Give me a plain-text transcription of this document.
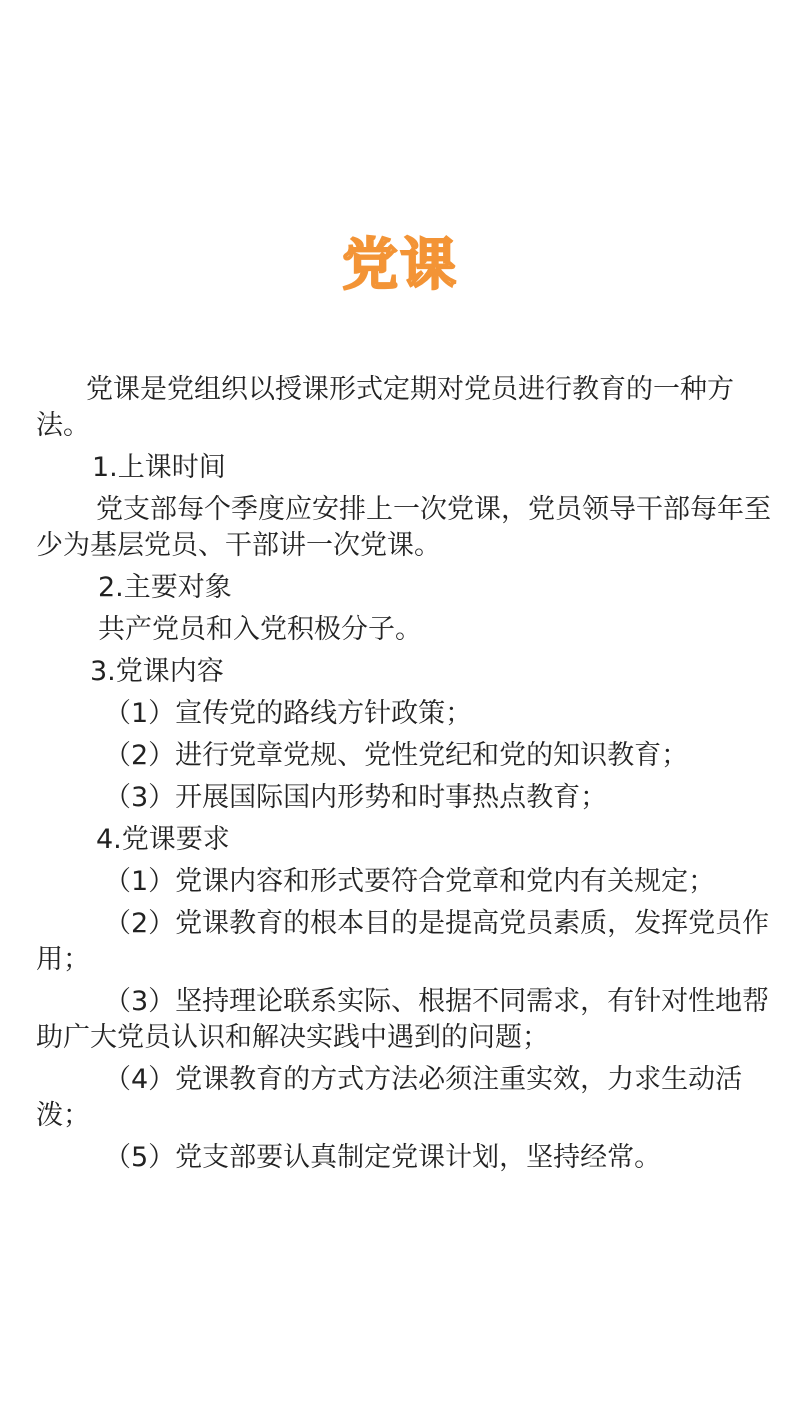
党课

党课是党组织以授课形式定期对党员进行教育的一种方法。

1.上课时间

党支部每个季度应安排上一次党课，党员领导干部每年至少为基层党员、干部讲一次党课。

2.主要对象

共产党员和入党积极分子。

3.党课内容

（1）宣传党的路线方针政策；

（2）进行党章党规、党性党纪和党的知识教育；

（3）开展国际国内形势和时事热点教育；

4.党课要求

（1）党课内容和形式要符合党章和党内有关规定；

（2）党课教育的根本目的是提高党员素质，发挥党员作用；

（3）坚持理论联系实际、根据不同需求，有针对性地帮助广大党员认识和解决实践中遇到的问题；

（4）党课教育的方式方法必须注重实效，力求生动活泼；

（5）党支部要认真制定党课计划，坚持经常。
